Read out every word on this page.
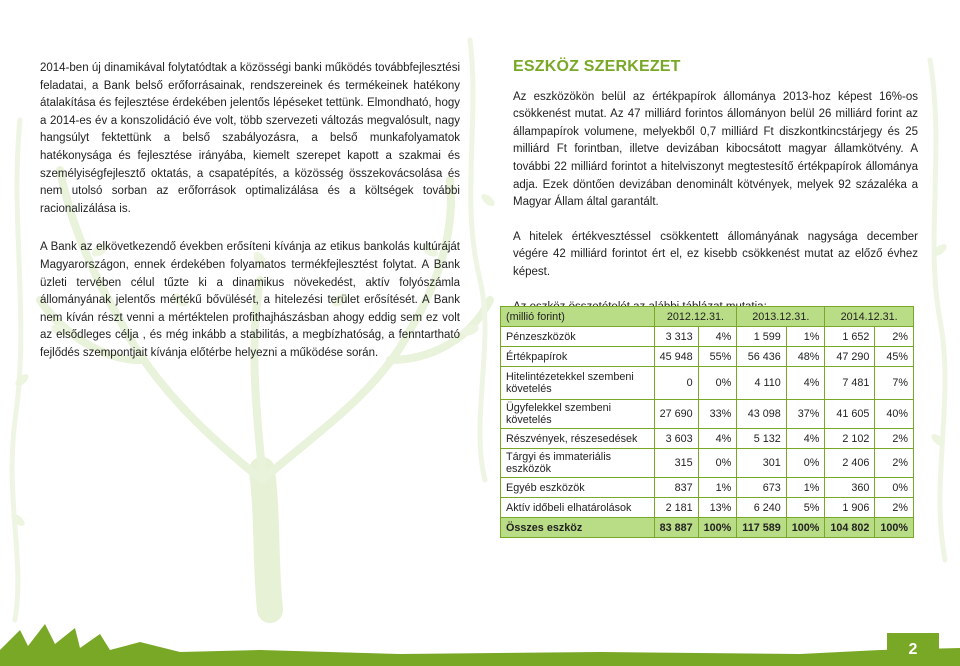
2014-ben új dinamikával folytatódtak a közösségi banki működés továbbfejlesztési feladatai, a Bank belső erőforrásainak, rendszereinek és termékeinek hatékony átalakítása és fejlesztése érdekében jelentős lépéseket tettünk. Elmondható, hogy a 2014-es év a konszolidáció éve volt, több szervezeti változás megvalósult, nagy hangsúlyt fektettünk a belső szabályozásra, a belső munkafolyamatok hatékonysága és fejlesztése irányába, kiemelt szerepet kapott a szakmai és személyiségfejlesztő oktatás, a csapatépítés, a közösség összekovácsolása és nem utolsó sorban az erőforrások optimalizálása és a költségek további racionalizálása is.

A Bank az elkövetkezendő években erősíteni kívánja az etikus bankolás kultúráját Magyarországon, ennek érdekében folyamatos termékfejlesztést folytat. A Bank üzleti tervében célul tűzte ki a dinamikus növekedést, aktív folyószámla állományának jelentős mértékű bővülését, a hitelezési terület erősítését. A Bank nem kíván részt venni a mértéktelen profithajhászásban ahogy eddig sem ez volt az elsődleges célja , és még inkább a stabilitás, a megbízhatóság, a fenntartható fejlődés szempontjait kívánja előtérbe helyezni a működése során.

ESZKÖZ SZERKEZET

Az eszközökön belül az értékpapírok állománya 2013-hoz képest 16%-os csökkenést mutat. Az 47 milliárd forintos állományon belül 26 milliárd forint az állampapírok volumene, melyekből 0,7 milliárd Ft diszkontkincstárjegy és 25 milliárd Ft forintban, illetve devizában kibocsátott magyar államkötvény. A további 22 milliárd forintot a hitelviszonyt megtestesítő értékpapírok állománya adja. Ezek döntően devizában denominált kötvények, melyek 92 százaléka a Magyar Állam által garantált.

A hitelek értékvesztéssel csökkentett állományának nagysága december végére 42 milliárd forintot ért el, ez kisebb csökkenést mutat az előző évhez képest.

(millió forint)	2012.12.31.		2013.12.31.		2014.12.31.	
Pénzeszközök	3 313	4%	1 599	1%	1 652	2%
Értékpapírok	45 948	55%	56 436	48%	47 290	45%
Hitelintézetekkel szembeni követelés	0	0%	4 110	4%	7 481	7%
Ügyfelekkel szembeni követelés	27 690	33%	43 098	37%	41 605	40%
Részvények, részesedések	3 603	4%	5 132	4%	2 102	2%
Tárgyi és immateriális eszközök	315	0%	301	0%	2 406	2%
Egyéb eszközök	837	1%	673	1%	360	0%
Aktív időbeli elhatárolások	2 181	13%	6 240	5%	1 906	2%
Összes eszköz	83 887	100%	117 589	100%	104 802	100%
MagNet Magyar Közösségi Bank • Éves Jelentés 2014	2
